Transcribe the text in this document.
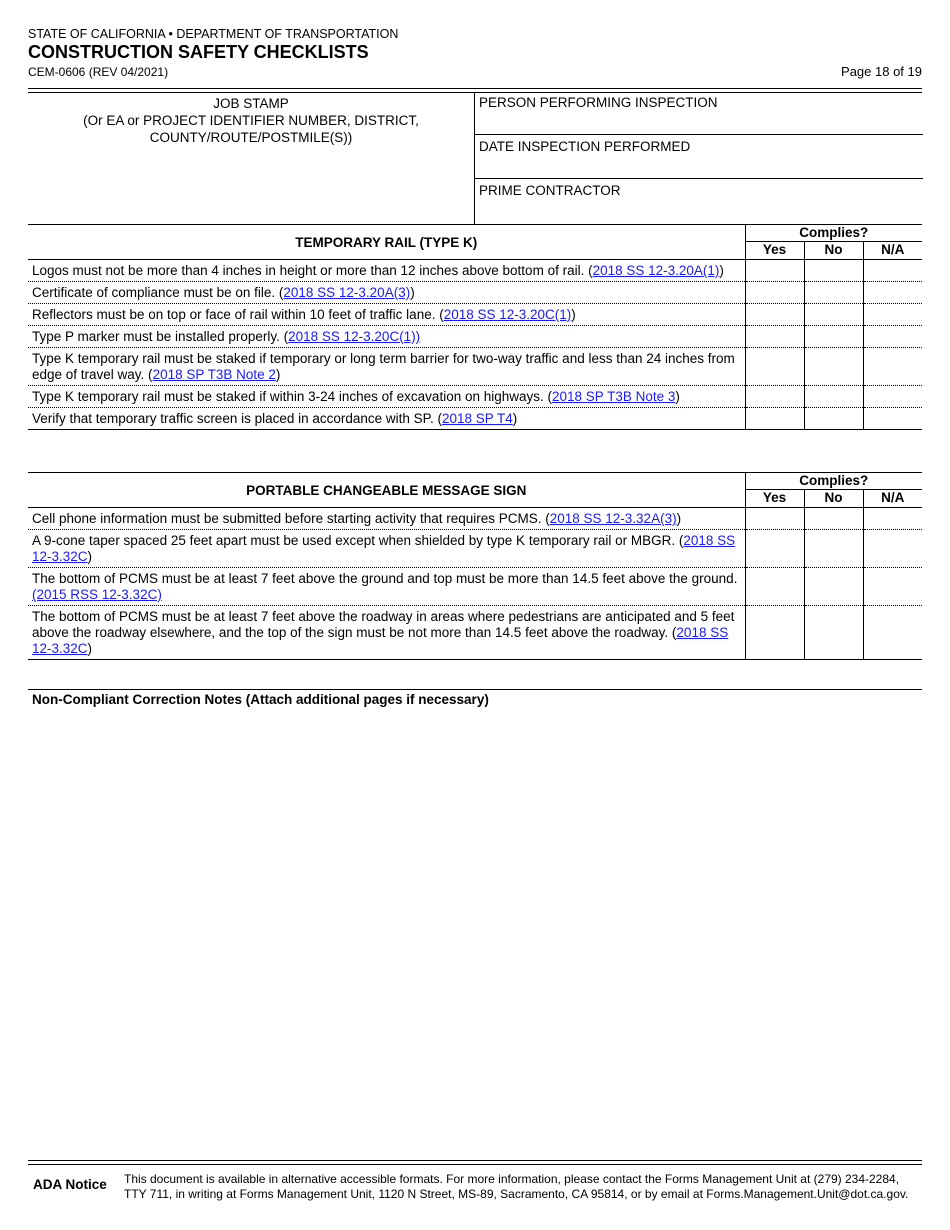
STATE OF CALIFORNIA • DEPARTMENT OF TRANSPORTATION
CONSTRUCTION SAFETY CHECKLISTS
CEM-0606 (REV 04/2021)	Page 18 of 19
JOB STAMP
(Or EA or PROJECT IDENTIFIER NUMBER, DISTRICT,
COUNTY/ROUTE/POSTMILE(S))
PERSON PERFORMING INSPECTION
DATE INSPECTION PERFORMED
PRIME CONTRACTOR
TEMPORARY RAIL (TYPE K)	Complies?		
	Yes	No	N/A
Logos must not be more than 4 inches in height or more than 12 inches above bottom of rail. (2018 SS 12-3.20A(1))			
Certificate of compliance must be on file. (2018 SS 12-3.20A(3))			
Reflectors must be on top or face of rail within 10 feet of traffic lane. (2018 SS 12-3.20C(1))			
Type P marker must be installed properly. (2018 SS 12-3.20C(1))			
Type K temporary rail must be staked if temporary or long term barrier for two-way traffic and less than 24 inches from edge of travel way. (2018 SP T3B Note 2)			
Type K temporary rail must be staked if within 3-24 inches of excavation on highways. (2018 SP T3B Note 3)			
Verify that temporary traffic screen is placed in accordance with SP. (2018 SP T4)			
PORTABLE CHANGEABLE MESSAGE SIGN	Complies?		
	Yes	No	N/A
Cell phone information must be submitted before starting activity that requires PCMS. (2018 SS 12-3.32A(3))			
A 9-cone taper spaced 25 feet apart must be used except when shielded by type K temporary rail or MBGR. (2018 SS 12-3.32C)			
The bottom of PCMS must be at least 7 feet above the ground and top must be more than 14.5 feet above the ground. (2015 RSS 12-3.32C)			
The bottom of PCMS must be at least 7 feet above the roadway in areas where pedestrians are anticipated and 5 feet above the roadway elsewhere, and the top of the sign must be not more than 14.5 feet above the roadway. (2018 SS 12-3.32C)			
Non-Compliant Correction Notes (Attach additional pages if necessary)
ADA Notice This document is available in alternative accessible formats. For more information, please contact the Forms Management Unit at (279) 234-2284, TTY 711, in writing at Forms Management Unit, 1120 N Street, MS-89, Sacramento, CA 95814, or by email at Forms.Management.Unit@dot.ca.gov.
